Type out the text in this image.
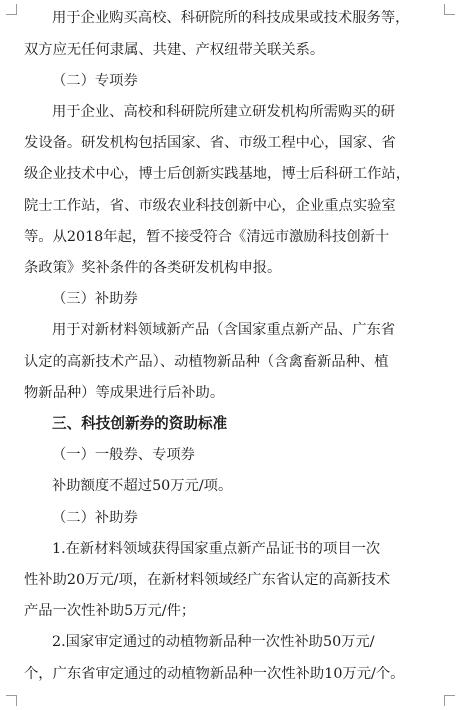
用于企业购买高校、科研院所的科技成果或技术服务等，
双方应无任何隶属、共建、产权纽带关联关系。
（二）专项券
用于企业、高校和科研院所建立研发机构所需购买的研
发设备。研发机构包括国家、省、市级工程中心，国家、省
级企业技术中心，博士后创新实践基地，博士后科研工作站，
院士工作站，省、市级农业科技创新中心，企业重点实验室
等。从2018年起，暂不接受符合《清远市激励科技创新十
条政策》奖补条件的各类研发机构申报。
（三）补助券
用于对新材料领域新产品（含国家重点新产品、广东省
认定的高新技术产品）、动植物新品种（含禽畜新品种、植
物新品种）等成果进行后补助。
三、科技创新券的资助标准
（一）一般券、专项券
补助额度不超过50万元/项。
（二）补助券
1.在新材料领域获得国家重点新产品证书的项目一次
性补助20万元/项，在新材料领域经广东省认定的高新技术
产品一次性补助5万元/件；
2.国家审定通过的动植物新品种一次性补助50万元/
个，广东省审定通过的动植物新品种一次性补助10万元/个。
